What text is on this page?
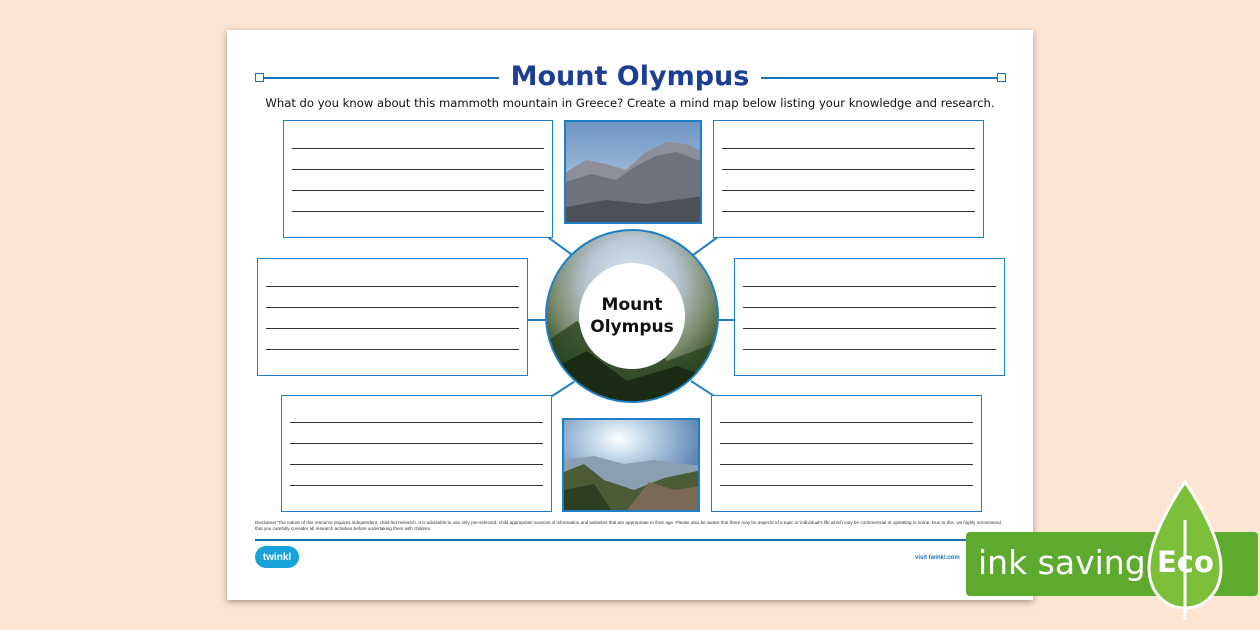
Mount Olympus
What do you know about this mammoth mountain in Greece? Create a mind map below listing your knowledge and research.
Mount
Olympus
Disclaimer:The nature of this resource requires independent, child-led research. It is advisable to use only pre-selected, child appropriate sources of information and websites that are appropriate to their age. Please also be aware that there may be aspects of a topic or individual's life which may be controversial or upsetting to some. Due to this, we highly recommend that you carefully consider all research activities before undertaking them with children.
twinkl	visit twinkl.com ink saving Eco
